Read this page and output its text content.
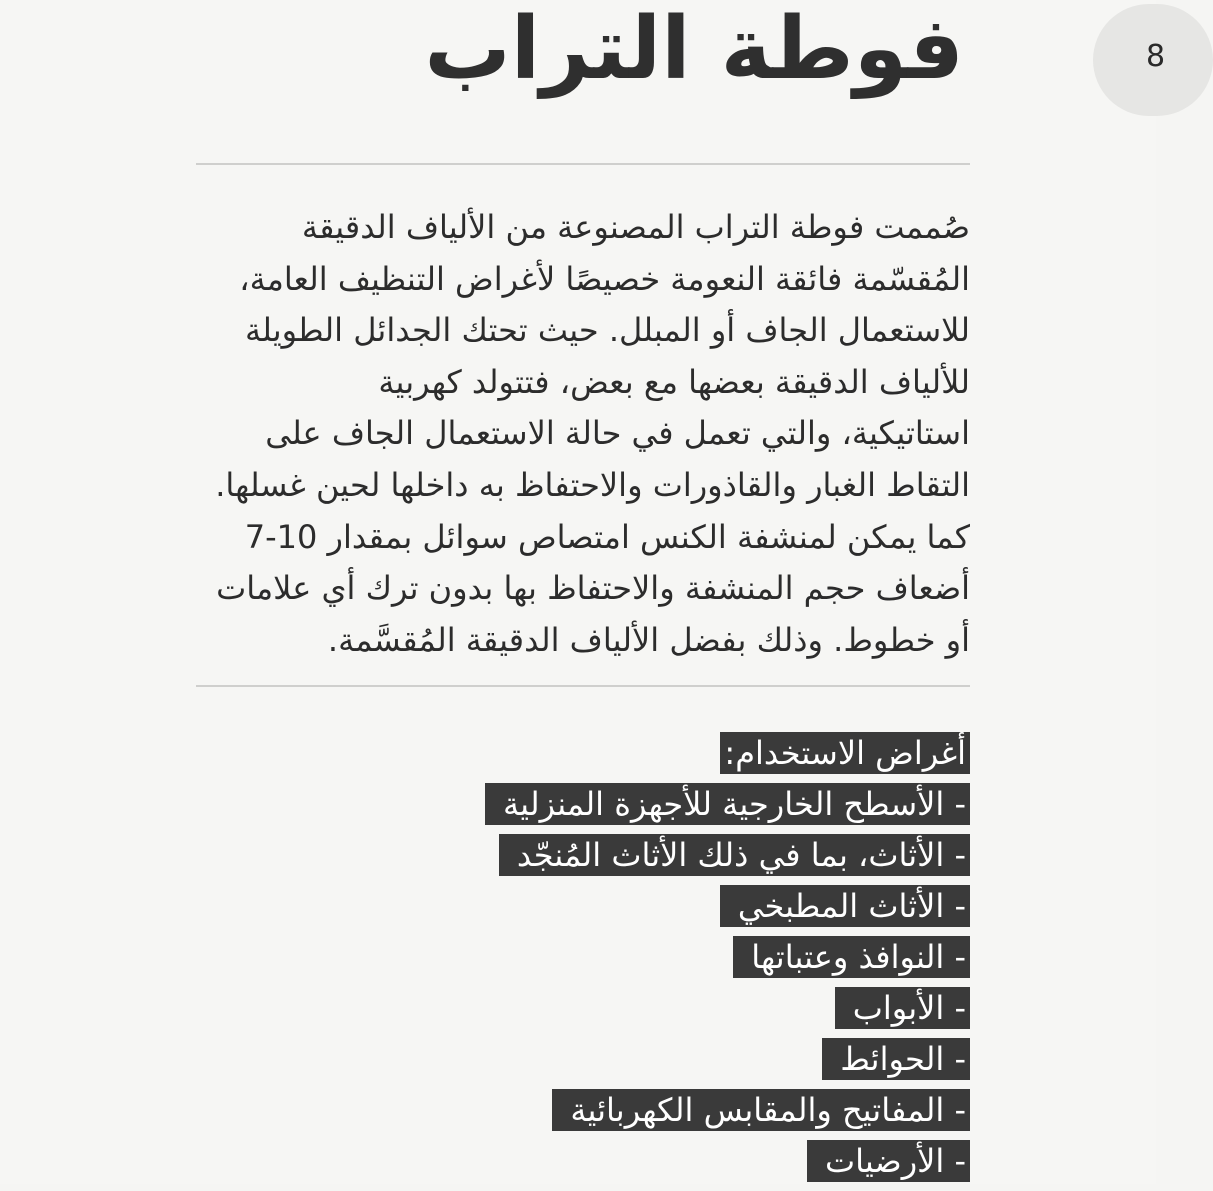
8
فوطة التراب
صُممت فوطة التراب المصنوعة من الألياف الدقيقة
المُقسّمة فائقة النعومة خصيصًا لأغراض التنظيف العامة،
للاستعمال الجاف أو المبلل. حيث تحتك الجدائل الطويلة
للألياف الدقيقة بعضها مع بعض، فتتولد كهربية
استاتيكية، والتي تعمل في حالة الاستعمال الجاف على
التقاط الغبار والقاذورات والاحتفاظ به داخلها لحين غسلها.
كما يمكن لمنشفة الكنس امتصاص سوائل بمقدار 10-7
أضعاف حجم المنشفة والاحتفاظ بها بدون ترك أي علامات
أو خطوط. وذلك بفضل الألياف الدقيقة المُقسَّمة.
أغراض الاستخدام:
- الأسطح الخارجية للأجهزة المنزلية
- الأثاث، بما في ذلك الأثاث المُنجّد
- الأثاث المطبخي
- النوافذ وعتباتها
- الأبواب
- الحوائط
- المفاتيح والمقابس الكهربائية
- الأرضيات
